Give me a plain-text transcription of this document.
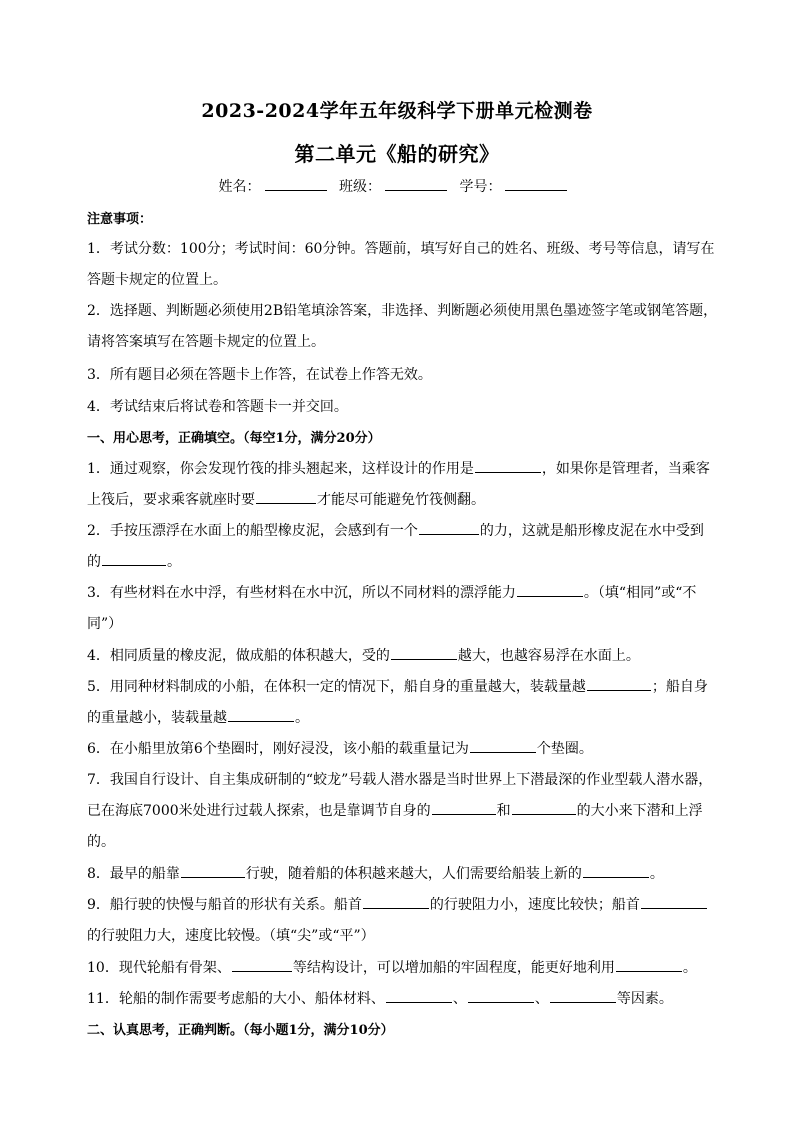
2023-2024学年五年级科学下册单元检测卷
第二单元《船的研究》
姓名：	班级：	学号：
注意事项：
1．考试分数：100分；考试时间：60分钟。答题前，填写好自己的姓名、班级、考号等信息，请写在
答题卡规定的位置上。
2．选择题、判断题必须使用2B铅笔填涂答案，非选择、判断题必须使用黑色墨迹签字笔或钢笔答题，
请将答案填写在答题卡规定的位置上。
3．所有题目必须在答题卡上作答，在试卷上作答无效。
4．考试结束后将试卷和答题卡一并交回。
一、用心思考，正确填空。（每空1分，满分20分）
1．通过观察，你会发现竹筏的排头翘起来，这样设计的作用是	，如果你是管理者，当乘客
上筏后，要求乘客就座时要	才能尽可能避免竹筏侧翻。
2．手按压漂浮在水面上的船型橡皮泥，会感到有一个	的力，这就是船形橡皮泥在水中受到
的	。
3．有些材料在水中浮，有些材料在水中沉，所以不同材料的漂浮能力	。（填“相同”或“不
同”）
4．相同质量的橡皮泥，做成船的体积越大，受的	越大，也越容易浮在水面上。
5．用同种材料制成的小船，在体积一定的情况下，船自身的重量越大，装载量越	；船自身
的重量越小，装载量越	。
6．在小船里放第6个垫圈时，刚好浸没，该小船的载重量记为	个垫圈。
7．我国自行设计、自主集成研制的“蛟龙”号载人潜水器是当时世界上下潜最深的作业型载人潜水器，
已在海底7000米处进行过载人探索，也是靠调节自身的	和	的大小来下潜和上浮
的。
8．最早的船靠	行驶，随着船的体积越来越大，人们需要给船装上新的	。
9．船行驶的快慢与船首的形状有关系。船首	的行驶阻力小，速度比较快；船首
的行驶阻力大，速度比较慢。（填“尖”或“平”）
10．现代轮船有骨架、	等结构设计，可以增加船的牢固程度，能更好地利用	。
11．轮船的制作需要考虑船的大小、船体材料、	、	、	等因素。
二、认真思考，正确判断。（每小题1分，满分10分）
